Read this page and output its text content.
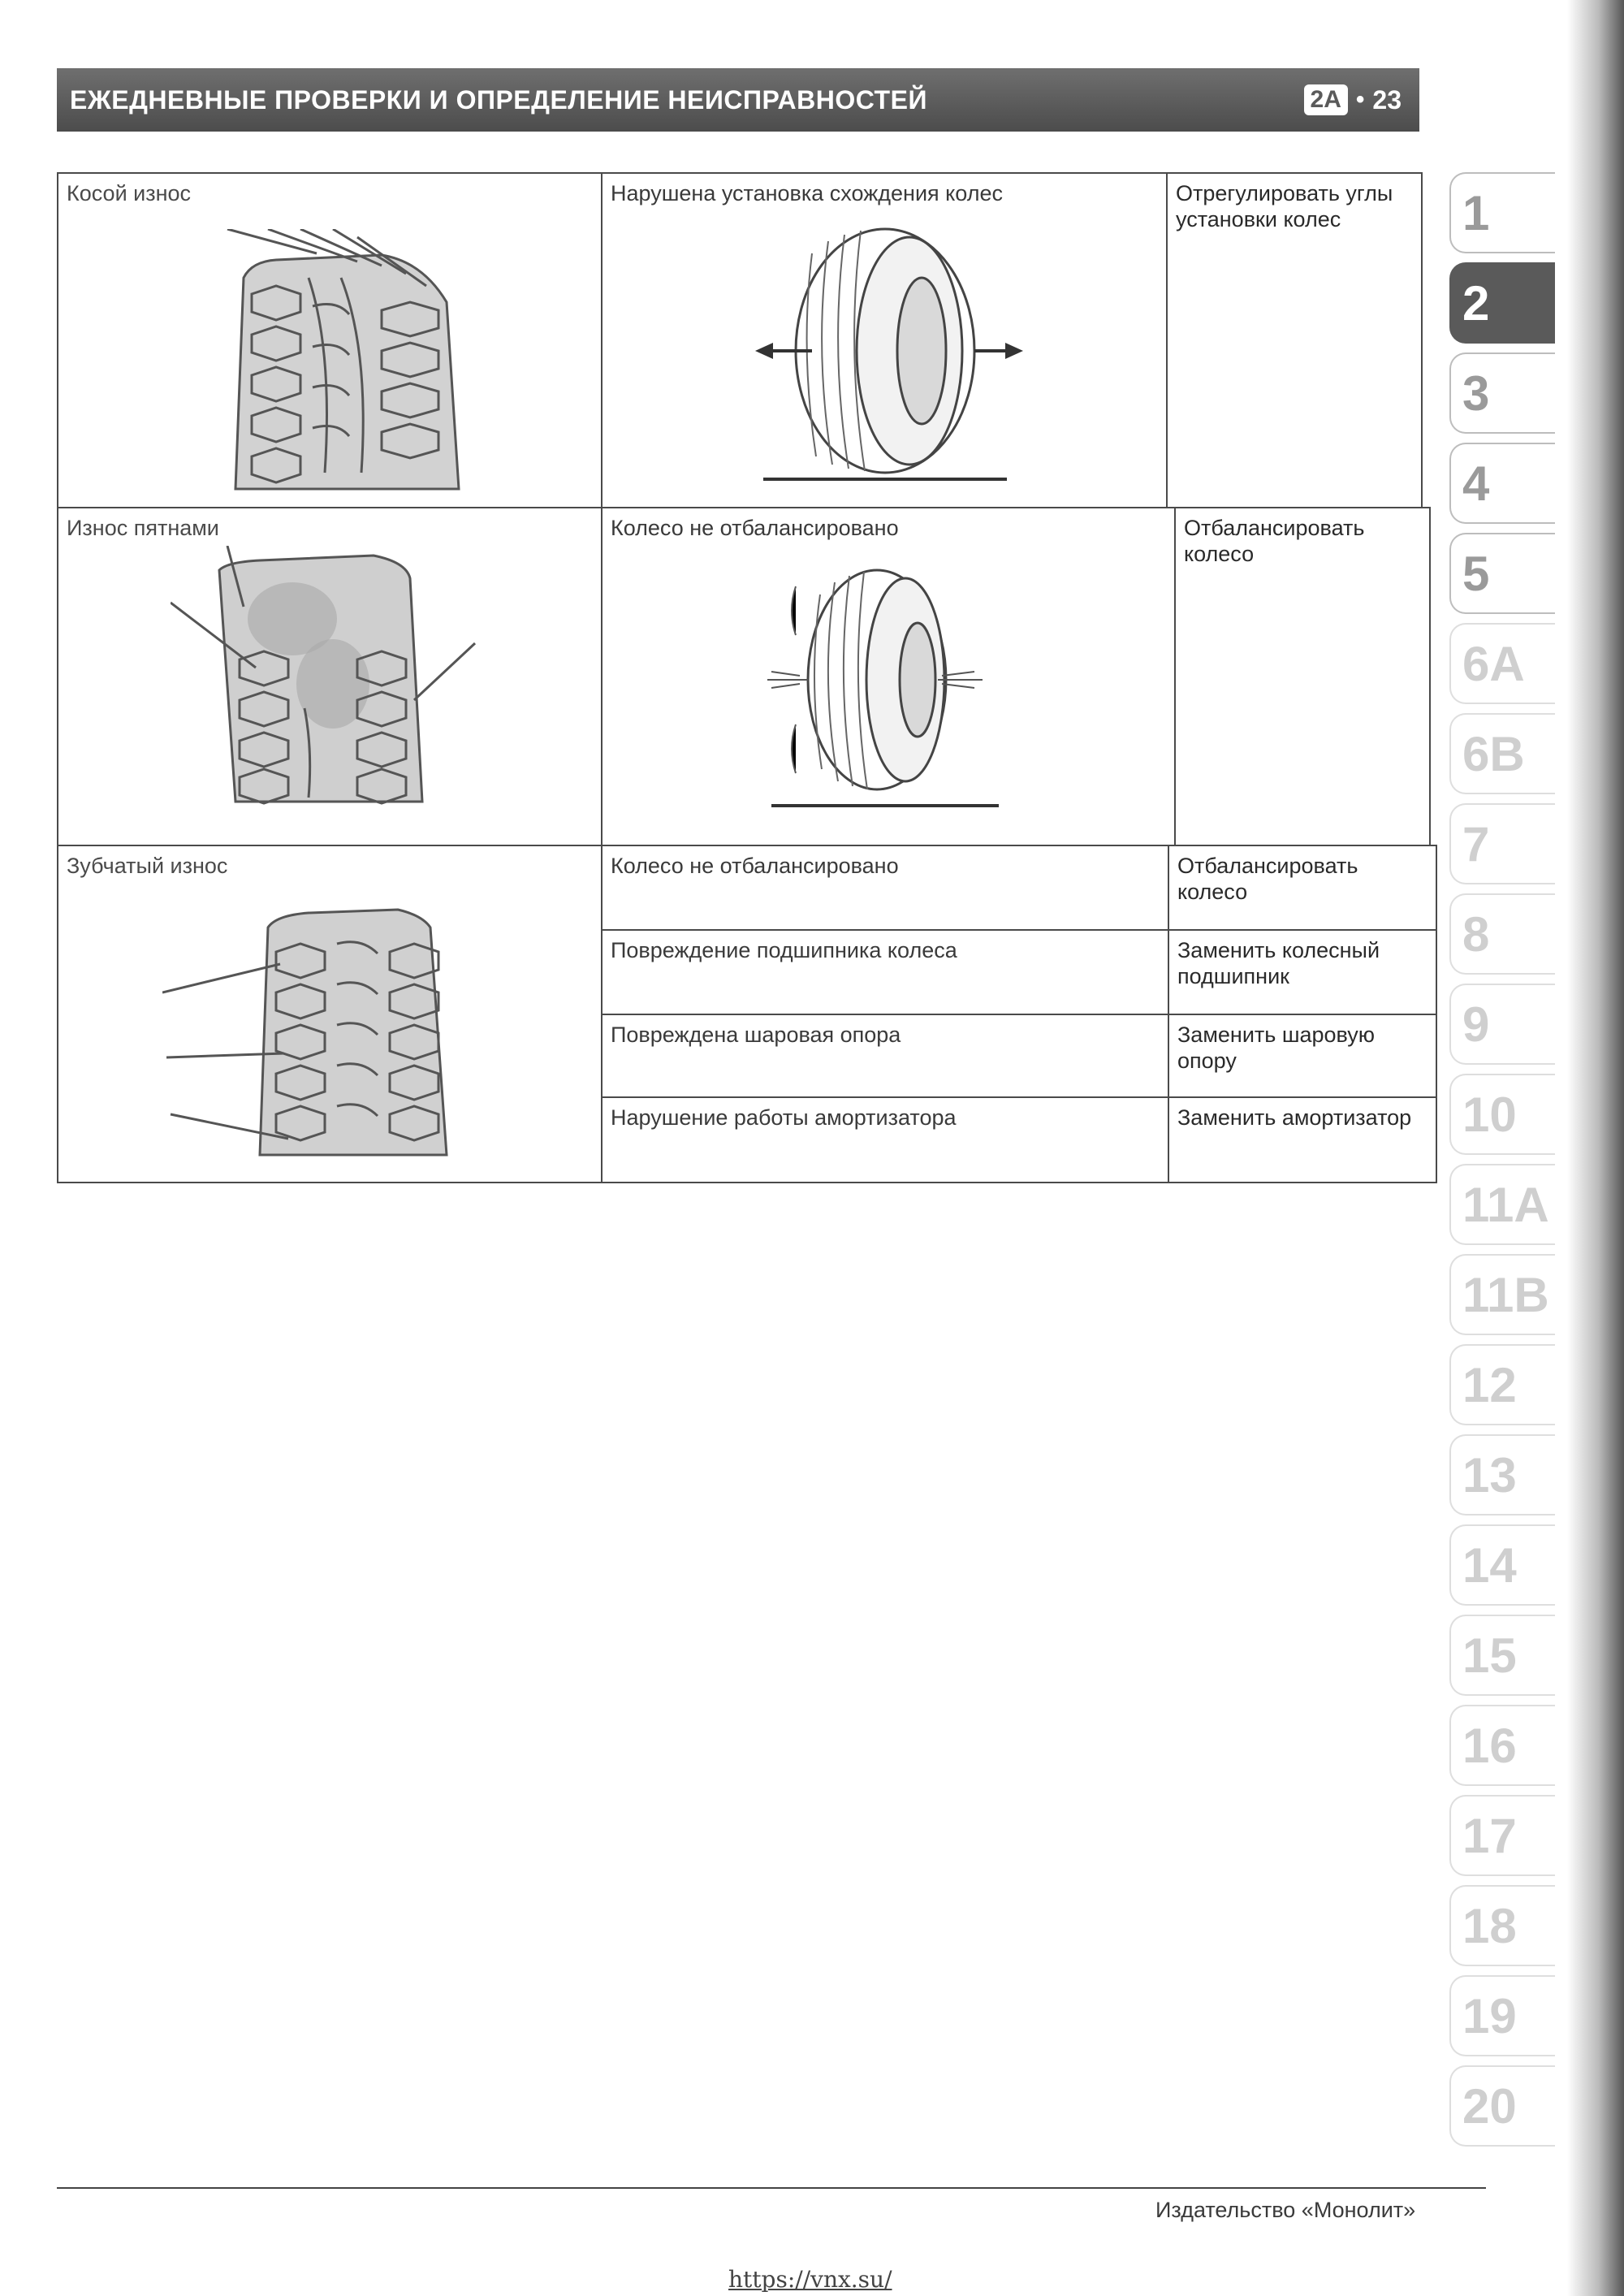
ЕЖЕДНЕВНЫЕ ПРОВЕРКИ И ОПРЕДЕЛЕНИЕ НЕИСПРАВНОСТЕЙ	2А • 23
Косой износ	Нарушена установка схождения колес	Отрегулировать углы установки колес
Износ пятнами	Колесо не отбалансировано	Отбалансировать колесо
Зубчатый износ	Колесо не отбалансировано	Отбалансировать колесо
Повреждение подшипника колеса	Заменить колесный подшипник
Повреждена шаровая опора	Заменить шаровую опору
Нарушение работы амортизатора	Заменить амортизатор
1
2
3
4
5
6A
6B
7
8
9
10
11A
11B
12
13
14
15
16
17
18
19
20
Издательство «Монолит»
https://vnx.su/
